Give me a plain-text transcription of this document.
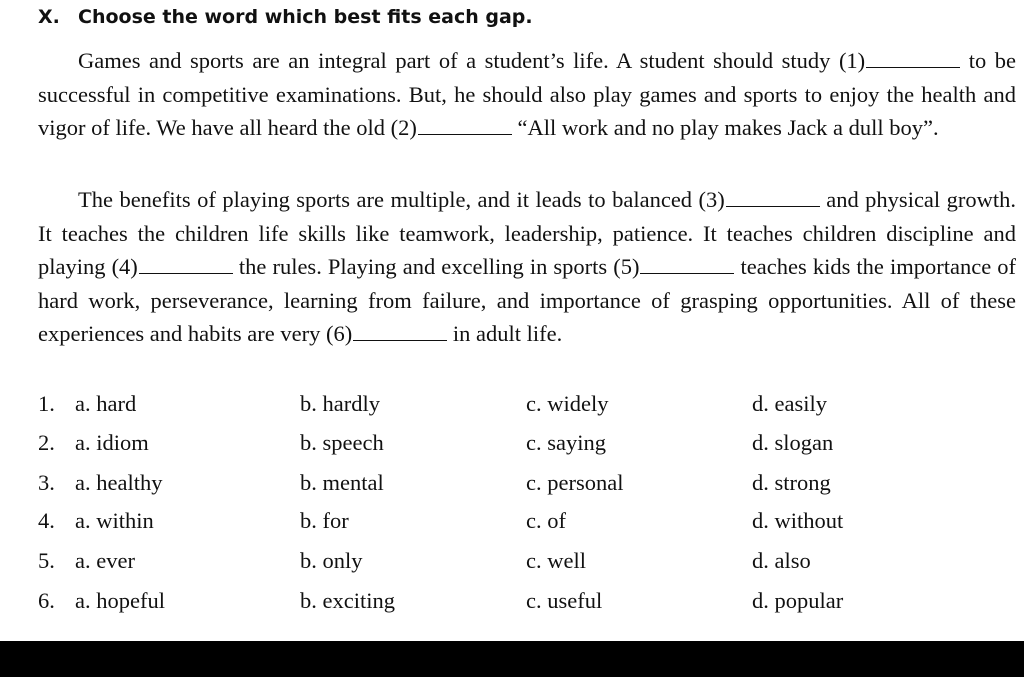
X. Choose the word which best fits each gap.

Games and sports are an integral part of a student’s life. A student should study (1)	to be successful in competitive examinations. But, he should also play games and sports to enjoy the health and vigor of life. We have all heard the old (2)	“All work and no play makes Jack a dull boy”.

The benefits of playing sports are multiple, and it leads to balanced (3)	and physical growth. It teaches the children life skills like teamwork, leadership, patience. It teaches children discipline and playing (4)	the rules. Playing and excelling in sports (5)	teaches kids the importance of hard work, perseverance, learning from failure, and importance of grasping opportunities. All of these experiences and habits are very (6)	in adult life.

1. a. hard	b. hardly	c. widely	d. easily
2. a. idiom	b. speech	c. saying	d. slogan
3. a. healthy	b. mental	c. personal	d. strong
4. a. within	b. for	c. of	d. without
5. a. ever	b. only	c. well	d. also
6. a. hopeful	b. exciting	c. useful	d. popular
